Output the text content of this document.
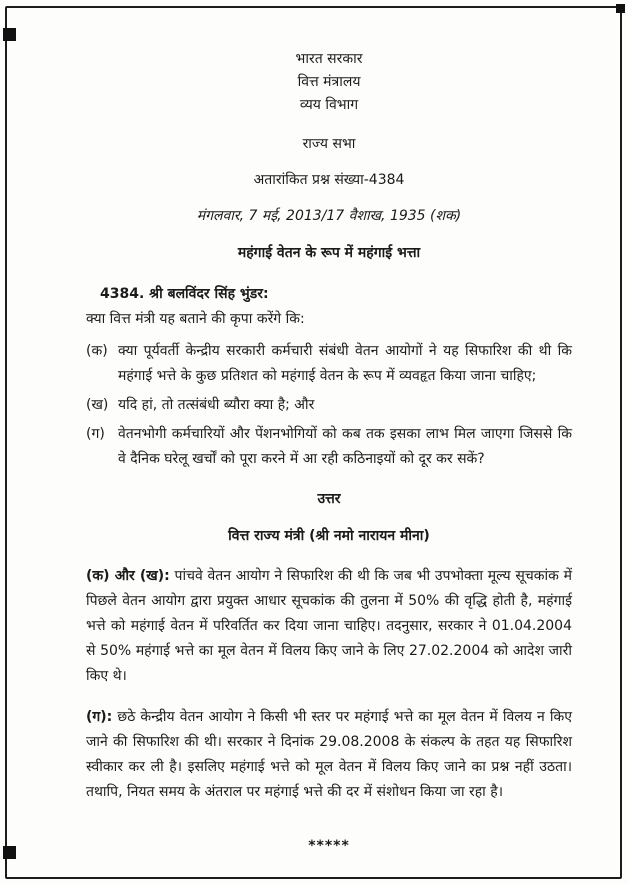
भारत सरकार
वित्त मंत्रालय
व्यय विभाग
राज्य सभा
अतारांकित प्रश्न संख्या-4384
मंगलवार, 7 मई, 2013/17 वैशाख, 1935 (शक)
महंगाई वेतन के रूप में महंगाई भत्ता
4384. श्री बलविंदर सिंह भुंडर:
क्या वित्त मंत्री यह बताने की कृपा करेंगे कि:
(क) क्या पूर्यवर्ती केन्द्रीय सरकारी कर्मचारी संबंधी वेतन आयोगों ने यह सिफारिश की थी कि महंगाई भत्ते के कुछ प्रतिशत को महंगाई वेतन के रूप में व्यवहृत किया जाना चाहिए;
(ख) यदि हां, तो तत्संबंधी ब्यौरा क्या है; और
(ग) वेतनभोगी कर्मचारियों और पेंशनभोगियों को कब तक इसका लाभ मिल जाएगा जिससे कि वे दैनिक घरेलू खर्चों को पूरा करने में आ रही कठिनाइयों को दूर कर सकें?
उत्तर
वित्त राज्य मंत्री (श्री नमो नारायन मीना)
(क) और (ख): पांचवे वेतन आयोग ने सिफारिश की थी कि जब भी उपभोक्ता मूल्य सूचकांक में पिछले वेतन आयोग द्वारा प्रयुक्त आधार सूचकांक की तुलना में 50% की वृद्धि होती है, महंगाई भत्ते को महंगाई वेतन में परिवर्तित कर दिया जाना चाहिए। तदनुसार, सरकार ने 01.04.2004 से 50% महंगाई भत्ते का मूल वेतन में विलय किए जाने के लिए 27.02.2004 को आदेश जारी किए थे।
(ग): छठे केन्द्रीय वेतन आयोग ने किसी भी स्तर पर महंगाई भत्ते का मूल वेतन में विलय न किए जाने की सिफारिश की थी। सरकार ने दिनांक 29.08.2008 के संकल्प के तहत यह सिफारिश स्वीकार कर ली है। इसलिए महंगाई भत्ते को मूल वेतन में विलय किए जाने का प्रश्न नहीं उठता। तथापि, नियत समय के अंतराल पर महंगाई भत्ते की दर में संशोधन किया जा रहा है।
*****
